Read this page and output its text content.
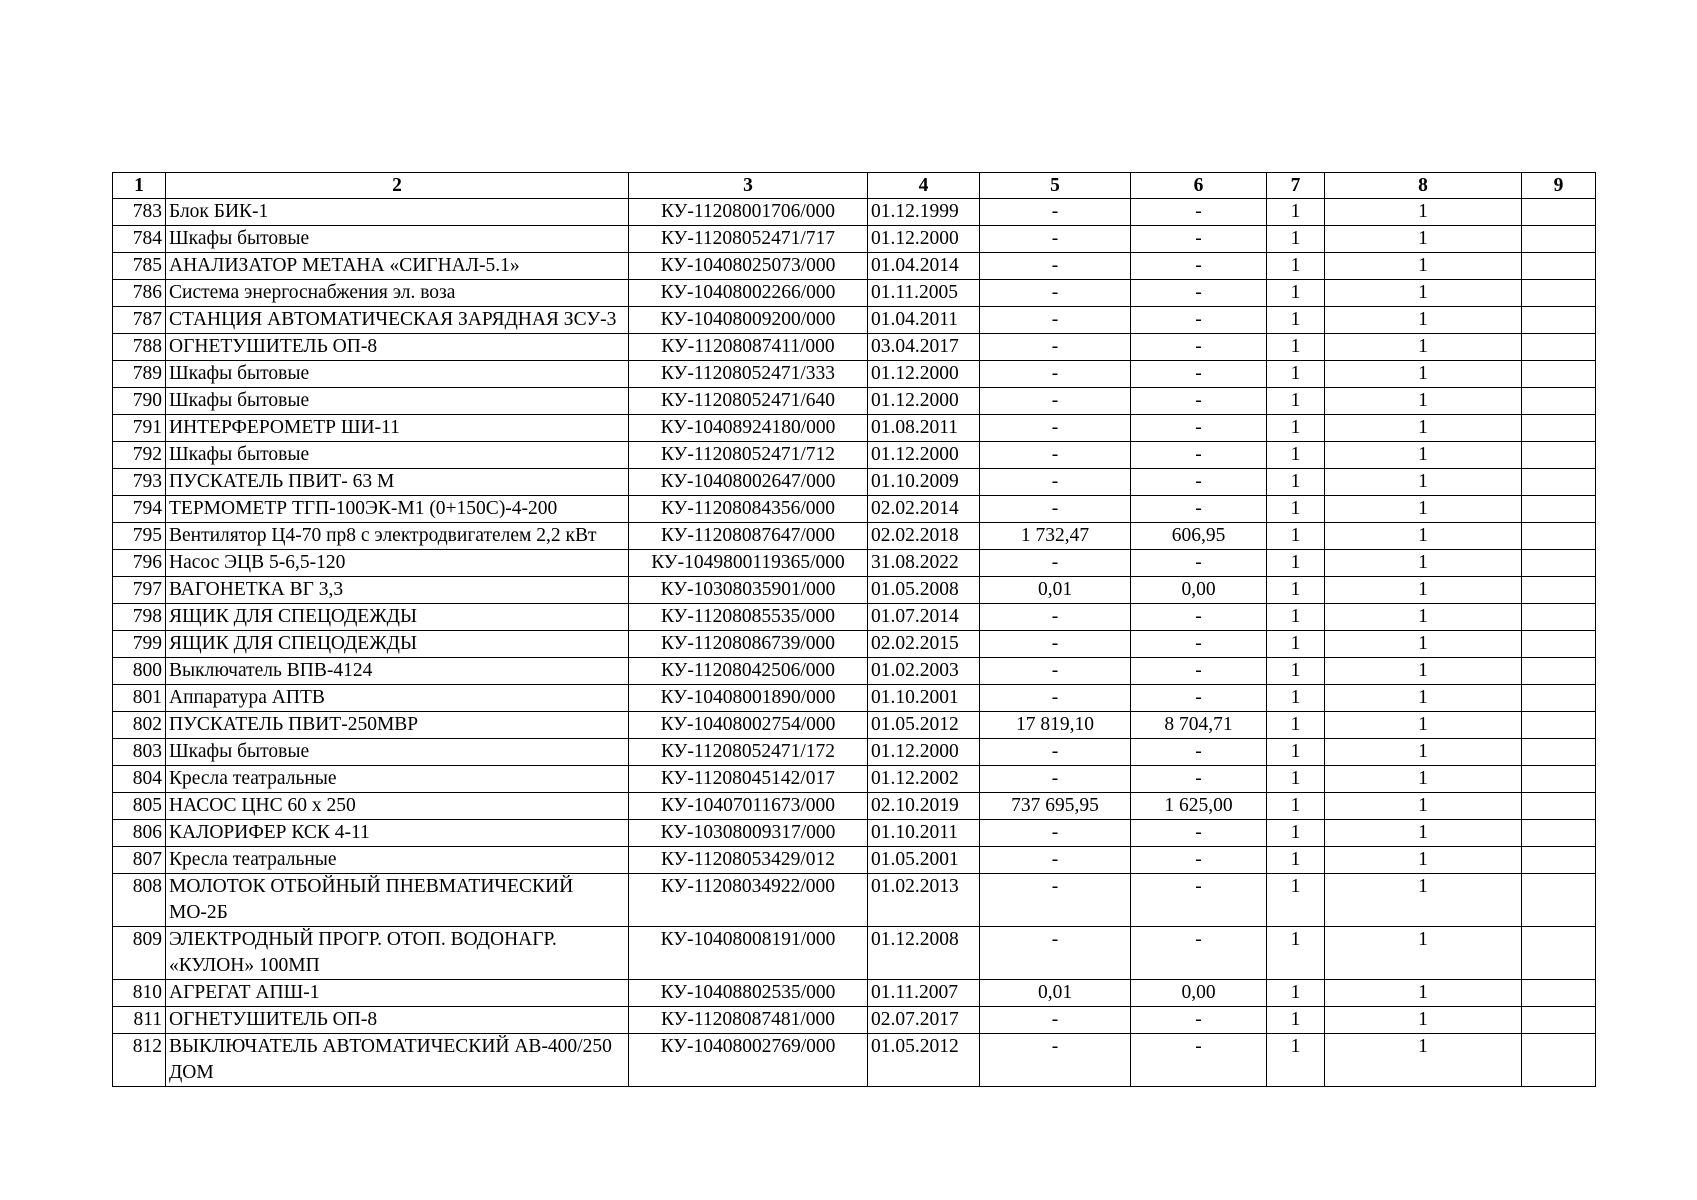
1	2	3	4	5	6	7	8	9
783	Блок БИК-1	КУ-11208001706/000	01.12.1999	-	-	1	1	
784	Шкафы бытовые	КУ-11208052471/717	01.12.2000	-	-	1	1	
785	АНАЛИЗАТОР МЕТАНА «СИГНАЛ-5.1»	КУ-10408025073/000	01.04.2014	-	-	1	1	
786	Система энергоснабжения эл. воза	КУ-10408002266/000	01.11.2005	-	-	1	1	
787	СТАНЦИЯ АВТОМАТИЧЕСКАЯ ЗАРЯДНАЯ ЗСУ-3	КУ-10408009200/000	01.04.2011	-	-	1	1	
788	ОГНЕТУШИТЕЛЬ ОП-8	КУ-11208087411/000	03.04.2017	-	-	1	1	
789	Шкафы бытовые	КУ-11208052471/333	01.12.2000	-	-	1	1	
790	Шкафы бытовые	КУ-11208052471/640	01.12.2000	-	-	1	1	
791	ИНТЕРФЕРОМЕТР ШИ-11	КУ-10408924180/000	01.08.2011	-	-	1	1	
792	Шкафы бытовые	КУ-11208052471/712	01.12.2000	-	-	1	1	
793	ПУСКАТЕЛЬ ПВИТ- 63 М	КУ-10408002647/000	01.10.2009	-	-	1	1	
794	ТЕРМОМЕТР ТГП-100ЭК-М1 (0+150С)-4-200	КУ-11208084356/000	02.02.2014	-	-	1	1	
795	Вентилятор Ц4-70 пр8 с электродвигателем 2,2 кВт	КУ-11208087647/000	02.02.2018	1 732,47	606,95	1	1	
796	Насос ЭЦВ 5-6,5-120	КУ-1049800119365/000	31.08.2022	-	-	1	1	
797	ВАГОНЕТКА ВГ 3,3	КУ-10308035901/000	01.05.2008	0,01	0,00	1	1	
798	ЯЩИК ДЛЯ СПЕЦОДЕЖДЫ	КУ-11208085535/000	01.07.2014	-	-	1	1	
799	ЯЩИК ДЛЯ СПЕЦОДЕЖДЫ	КУ-11208086739/000	02.02.2015	-	-	1	1	
800	Выключатель ВПВ-4124	КУ-11208042506/000	01.02.2003	-	-	1	1	
801	Аппаратура АПТВ	КУ-10408001890/000	01.10.2001	-	-	1	1	
802	ПУСКАТЕЛЬ ПВИТ-250МВР	КУ-10408002754/000	01.05.2012	17 819,10	8 704,71	1	1	
803	Шкафы бытовые	КУ-11208052471/172	01.12.2000	-	-	1	1	
804	Кресла театральные	КУ-11208045142/017	01.12.2002	-	-	1	1	
805	НАСОС ЦНС 60 х 250	КУ-10407011673/000	02.10.2019	737 695,95	1 625,00	1	1	
806	КАЛОРИФЕР КСК 4-11	КУ-10308009317/000	01.10.2011	-	-	1	1	
807	Кресла театральные	КУ-11208053429/012	01.05.2001	-	-	1	1	
808	МОЛОТОК ОТБОЙНЫЙ ПНЕВМАТИЧЕСКИЙ МО-2Б	КУ-11208034922/000	01.02.2013	-	-	1	1	
809	ЭЛЕКТРОДНЫЙ ПРОГР. ОТОП. ВОДОНАГР. «КУЛОН» 100МП	КУ-10408008191/000	01.12.2008	-	-	1	1	
810	АГРЕГАТ АПШ-1	КУ-10408802535/000	01.11.2007	0,01	0,00	1	1	
811	ОГНЕТУШИТЕЛЬ ОП-8	КУ-11208087481/000	02.07.2017	-	-	1	1	
812	ВЫКЛЮЧАТЕЛЬ АВТОМАТИЧЕСКИЙ АВ-400/250 ДОМ	КУ-10408002769/000	01.05.2012	-	-	1	1	
